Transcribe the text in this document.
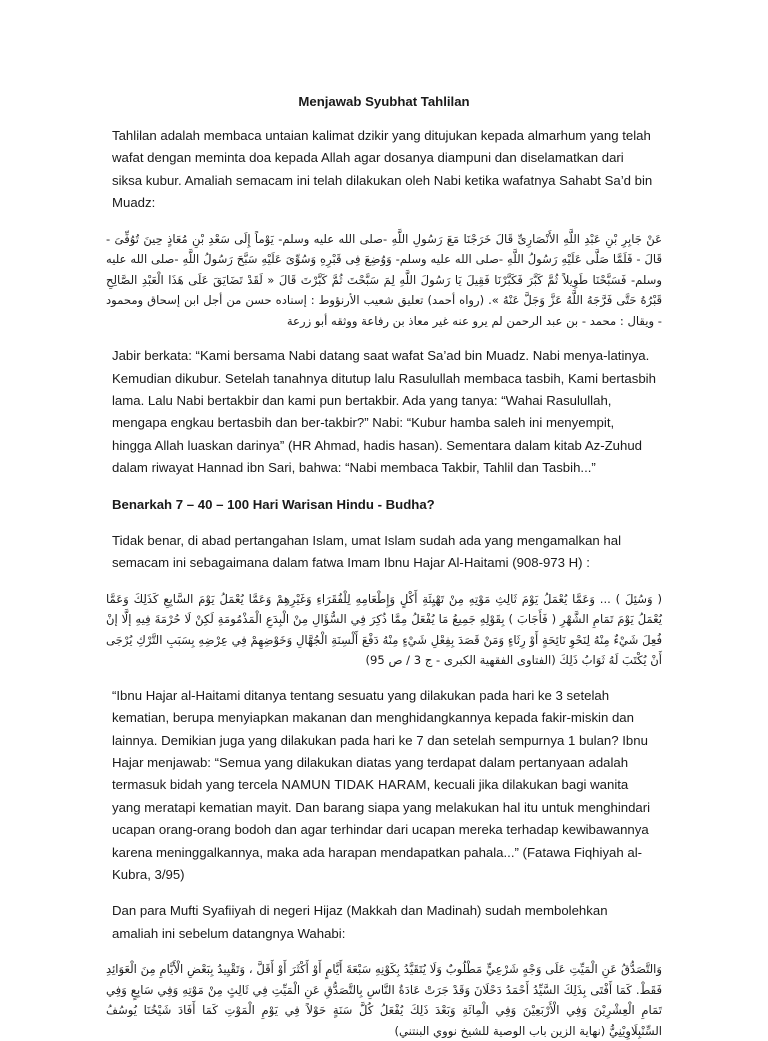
Menjawab Syubhat Tahlilan

Tahlilan adalah membaca untaian kalimat dzikir yang ditujukan kepada almarhum yang telah wafat dengan meminta doa kepada Allah agar dosanya diampuni dan diselamatkan dari siksa kubur. Amaliah semacam ini telah dilakukan oleh Nabi ketika wafatnya Sahabt Sa’d bin Muadz:

عَنْ جَابِرِ بْنِ عَبْدِ اللَّهِ الأَنْصَارِىِّ قَالَ خَرَجْنَا مَعَ رَسُولِ اللَّهِ -صلى الله عليه وسلم- يَوْماً إِلَى سَعْدِ بْنِ مُعَاذٍ حِينَ تُوُفِّىَ - قَالَ - فَلَمَّا صَلَّى عَلَيْهِ رَسُولُ اللَّهِ -صلى الله عليه وسلم- وَوُضِعَ فِى قَبْرِهِ وَسُوِّىَ عَلَيْهِ سَبَّحَ رَسُولُ اللَّهِ -صلى الله عليه وسلم- فَسَبَّحْنَا طَوِيلاً ثُمَّ كَبَّرَ فَكَبَّرْنَا فَقِيلَ يَا رَسُولَ اللَّهِ لِمَ سَبَّحْتَ ثُمَّ كَبَّرْتَ قَالَ « لَقَدْ تَضَايَقَ عَلَى هَذَا الْعَبْدِ الصَّالِحِ قَبْرُهُ حَتَّى فَرَّجَهُ اللَّهُ عَزَّ وَجَلَّ عَنْهُ ». (رواه أحمد) تعليق شعيب الأرنؤوط : إسناده حسن من أجل ابن إسحاق ومحمود - ويقال : محمد - بن عبد الرحمن لم يرو عنه غير معاذ بن رفاعة ووثقه أبو زرعة

Jabir berkata: “Kami bersama Nabi datang saat wafat Sa’ad bin Muadz. Nabi menya-latinya. Kemudian dikubur. Setelah tanahnya ditutup lalu Rasulullah membaca tasbih, Kami bertasbih lama. Lalu Nabi bertakbir dan kami pun bertakbir. Ada yang tanya: “Wahai Rasulullah, mengapa engkau bertasbih dan ber-takbir?” Nabi: “Kubur hamba saleh ini menyempit, hingga Allah luaskan darinya” (HR Ahmad, hadis hasan). Sementara dalam kitab Az-Zuhud dalam riwayat Hannad ibn Sari, bahwa: “Nabi membaca Takbir, Tahlil dan Tasbih...”

Benarkah 7 – 40 – 100 Hari Warisan Hindu - Budha?

Tidak benar, di abad pertangahan Islam, umat Islam sudah ada yang mengamalkan hal semacam ini sebagaimana dalam fatwa Imam Ibnu Hajar Al-Haitami (908-973 H) :

( وَسُئِلَ ) ... وَعَمَّا يُعْمَلُ يَوْمَ ثَالِثِ مَوْتِهِ مِنْ تَهْيِئَةِ أَكْلٍ وَإِطْعَامِهِ لِلْفُقَرَاءِ وَغَيْرِهِمْ وَعَمَّا يُعْمَلُ يَوْمَ السَّابِعِ كَذَلِكَ وَعَمَّا يُعْمَلُ يَوْمَ تَمَامِ الشَّهْرِ ( فَأَجَابَ ) بِقَوْلِهِ جَمِيعُ مَا يُفْعَلُ مِمَّا ذُكِرَ فِي السُّؤَالِ مِنْ الْبِدَعِ الْمَذْمُومَةِ لَكِنْ لَا حُرْمَةَ فِيهِ إلَّا إنْ فُعِلَ شَيْءٌ مِنْهُ لِنَحْوِ نَائِحَةٍ أَوْ رِثَاءٍ وَمَنْ قَصَدَ بِفِعْلِ شَيْءٍ مِنْهُ دَفْعَ أَلْسِنَةِ الْجُهَّالِ وَخَوْضِهِمْ فِي عِرْضِهِ بِسَبَبِ التَّرْكِ يُرْجَى أَنْ يُكْتَبَ لَهُ ثَوَابُ ذَلِكَ (الفتاوى الفقهية الكبرى - ج 3 / ص 95)

“Ibnu Hajar al-Haitami ditanya tentang sesuatu yang dilakukan pada hari ke 3 setelah kematian, berupa menyiapkan makanan dan menghidangkannya kepada fakir-miskin dan lainnya. Demikian juga yang dilakukan pada hari ke 7 dan setelah sempurnya 1 bulan? Ibnu Hajar menjawab: “Semua yang dilakukan diatas yang terdapat dalam pertanyaan adalah termasuk bidah yang tercela NAMUN TIDAK HARAM, kecuali jika dilakukan bagi wanita yang meratapi kematian mayit. Dan barang siapa yang melakukan hal itu untuk menghindari ucapan orang-orang bodoh dan agar terhindar dari ucapan mereka terhadap kewibawannya karena meninggalkannya, maka ada harapan mendapatkan pahala...” (Fatawa Fiqhiyah al-Kubra, 3/95)

Dan para Mufti Syafiiyah di negeri Hijaz (Makkah dan Madinah) sudah membolehkan amaliah ini sebelum datangnya Wahabi:

وَالتَّصَدُّقُ عَنِ الْمَيِّتِ عَلَى وَجْهٍ شَرْعِيٍّ مَطْلُوبٌ وَلَا يُتَقَيَّدُ بِكَوْنِهِ سَبْعَةَ أَيَّامٍ أَوْ أَكْثَرَ أَوْ أَقَلَّ ، وَتَقْيِيدُ بِبَعْضِ الْأَيَّامِ مِنَ الْعَوَائِدِ فَقَطْ. كَمَا أَفْتَى بِذَلِكَ السَّيِّدُ أَحْمَدُ دَحْلَانَ وَقَدْ جَرَتْ عَادَةُ النَّاسِ بِالتَّصَدُّقِ عَنِ الْمَيِّتِ فِي ثَالِثٍ مِنْ مَوْتِهِ وَفِي سَابِعٍ وَفِي تَمَامِ الْعِشْرِيْنَ وَفِي الْأَرْبَعِيْنَ وَفِي الْمِائَةِ وَبَعْدَ ذَلِكَ يُفْعَلُ كُلَّ سَنَةٍ حَوْلاً فِي يَوْمِ الْمَوْتِ كَمَا أَفَادَ شَيْخُنَا يُوسُفُ السِّنْبِلَاوِيْنِيُّ (نهاية الزين باب الوصية للشيخ نووي البنتني)
